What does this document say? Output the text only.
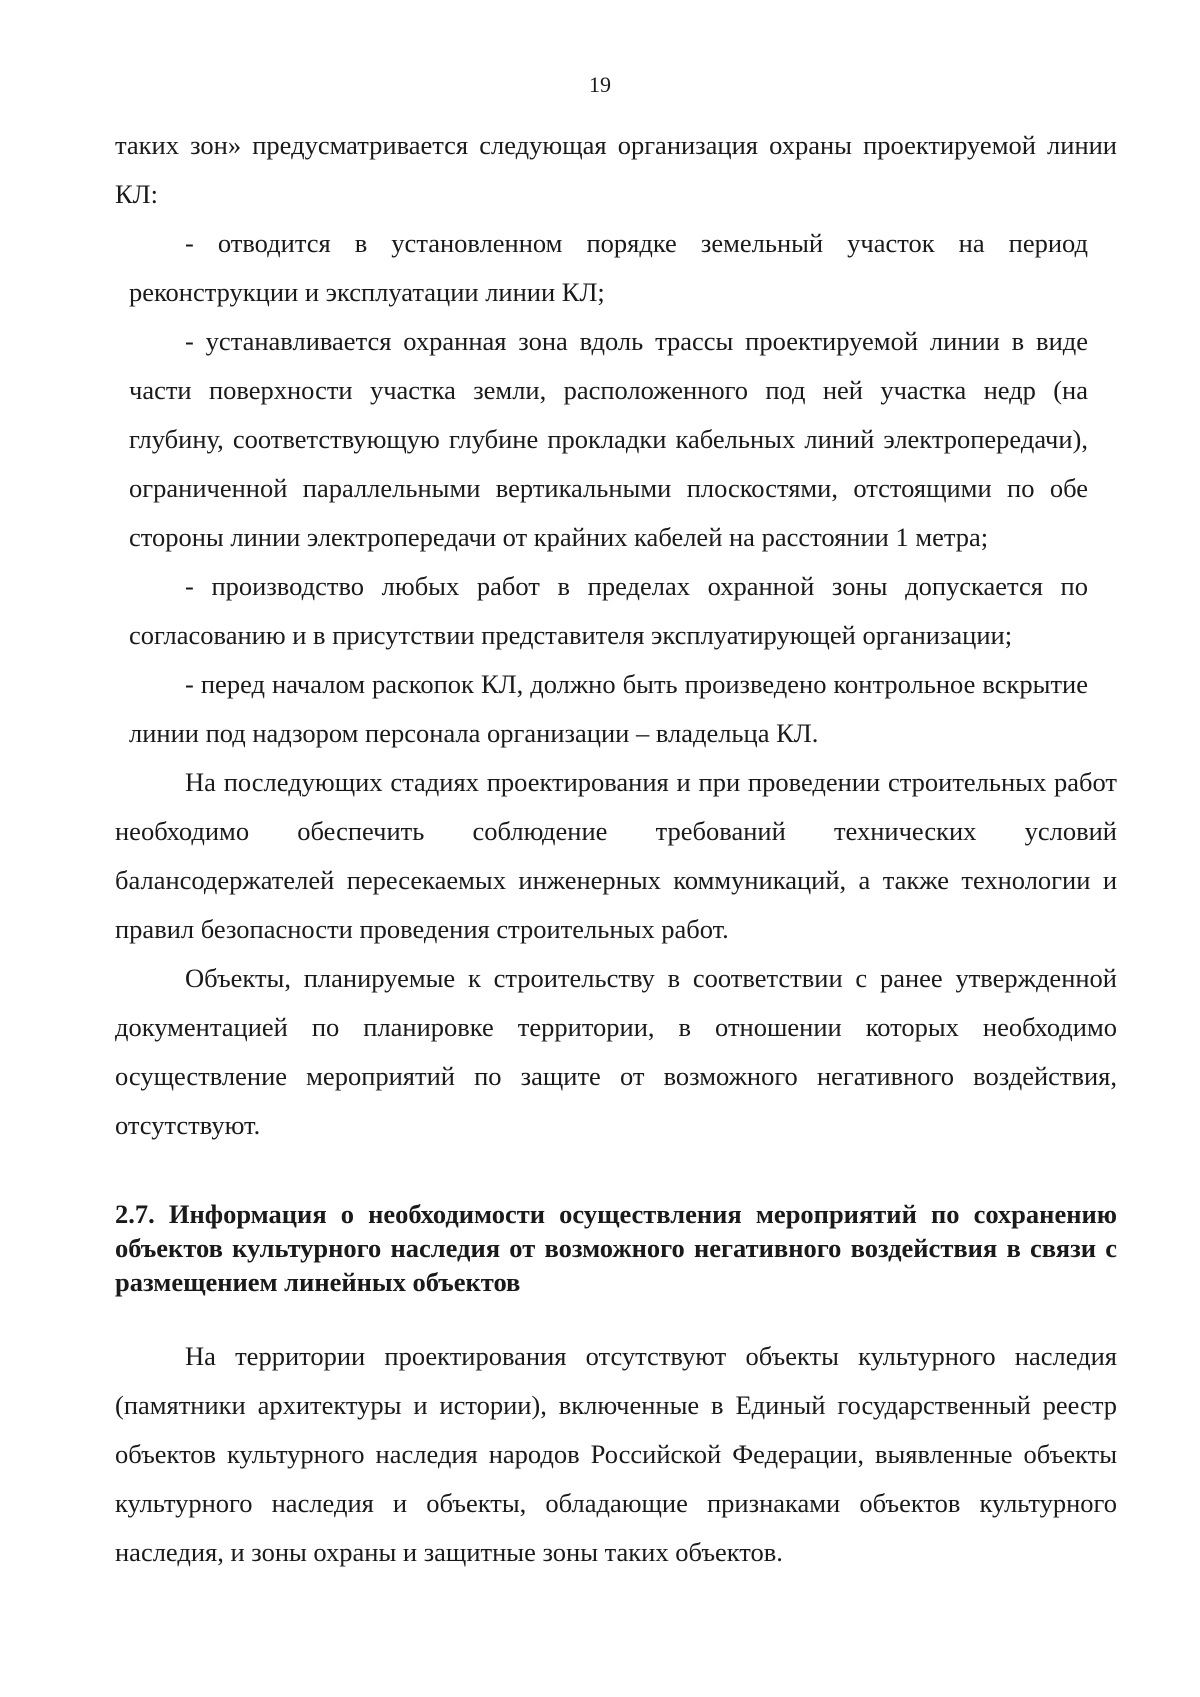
19

таких зон» предусматривается следующая организация охраны проектируемой линии КЛ:

- отводится в установленном порядке земельный участок на период реконструкции и эксплуатации линии КЛ;

- устанавливается охранная зона вдоль трассы проектируемой линии в виде части поверхности участка земли, расположенного под ней участка недр (на глубину, соответствующую глубине прокладки кабельных линий электропередачи), ограниченной параллельными вертикальными плоскостями, отстоящими по обе стороны линии электропередачи от крайних кабелей на расстоянии 1 метра;

- производство любых работ в пределах охранной зоны допускается по согласованию и в присутствии представителя эксплуатирующей организации;

- перед началом раскопок КЛ, должно быть произведено контрольное вскрытие линии под надзором персонала организации – владельца КЛ.

На последующих стадиях проектирования и при проведении строительных работ необходимо обеспечить соблюдение требований технических условий балансодержателей пересекаемых инженерных коммуникаций, а также технологии и правил безопасности проведения строительных работ.

Объекты, планируемые к строительству в соответствии с ранее утвержденной документацией по планировке территории, в отношении которых необходимо осуществление мероприятий по защите от возможного негативного воздействия, отсутствуют.

2.7. Информация о необходимости осуществления мероприятий по сохранению объектов культурного наследия от возможного негативного воздействия в связи с размещением линейных объектов

На территории проектирования отсутствуют объекты культурного наследия (памятники архитектуры и истории), включенные в Единый государственный реестр объектов культурного наследия народов Российской Федерации, выявленные объекты культурного наследия и объекты, обладающие признаками объектов культурного наследия, и зоны охраны и защитные зоны таких объектов.
